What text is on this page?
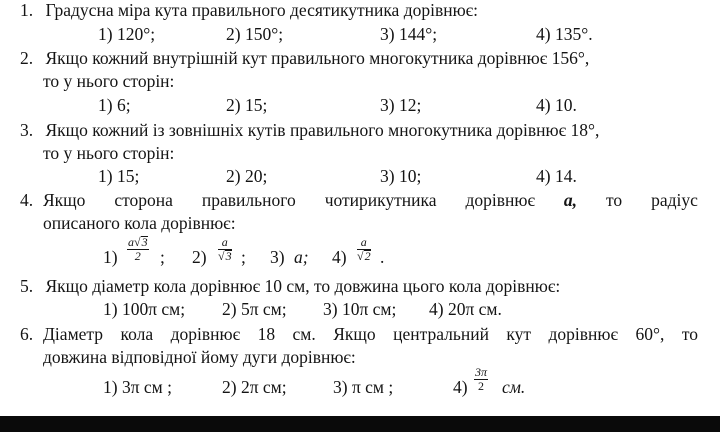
1. Градусна міра кута правильного десятикутника дорівнює:
1) 120°;	2) 150°;	3) 144°;	4) 135°.
2. Якщо кожний внутрішній кут правильного многокутника дорівнює 156°,
то у нього сторін:
1) 6;	2) 15;	3) 12;	4) 10.
3. Якщо кожний із зовнішніх кутів правильного многокутника дорівнює 18°,
то у нього сторін:
1) 15;	2) 20;	3) 10;	4) 14.
4. Якщо сторона правильного чотирикутника дорівнює a, то радіус
описаного кола дорівнює:
$1) \frac{a√3}{2}$ ; $2) \frac{a}{√3}$ ; 3) a; $4) \frac{a}{√2}$ .
5. Якщо діаметр кола дорівнює 10 см, то довжина цього кола дорівнює:
1) 100π см; 2) 5π см; 3) 10π см; 4) 20π см.
6. Діаметр кола дорівнює 18 см. Якщо центральний кут дорівнює 60°, то
довжина відповідної йому дуги дорівнює:
1) 3π см ;	2) 2π см;	3) π см ;	$4) \frac{3\pi}{2}$ см.
